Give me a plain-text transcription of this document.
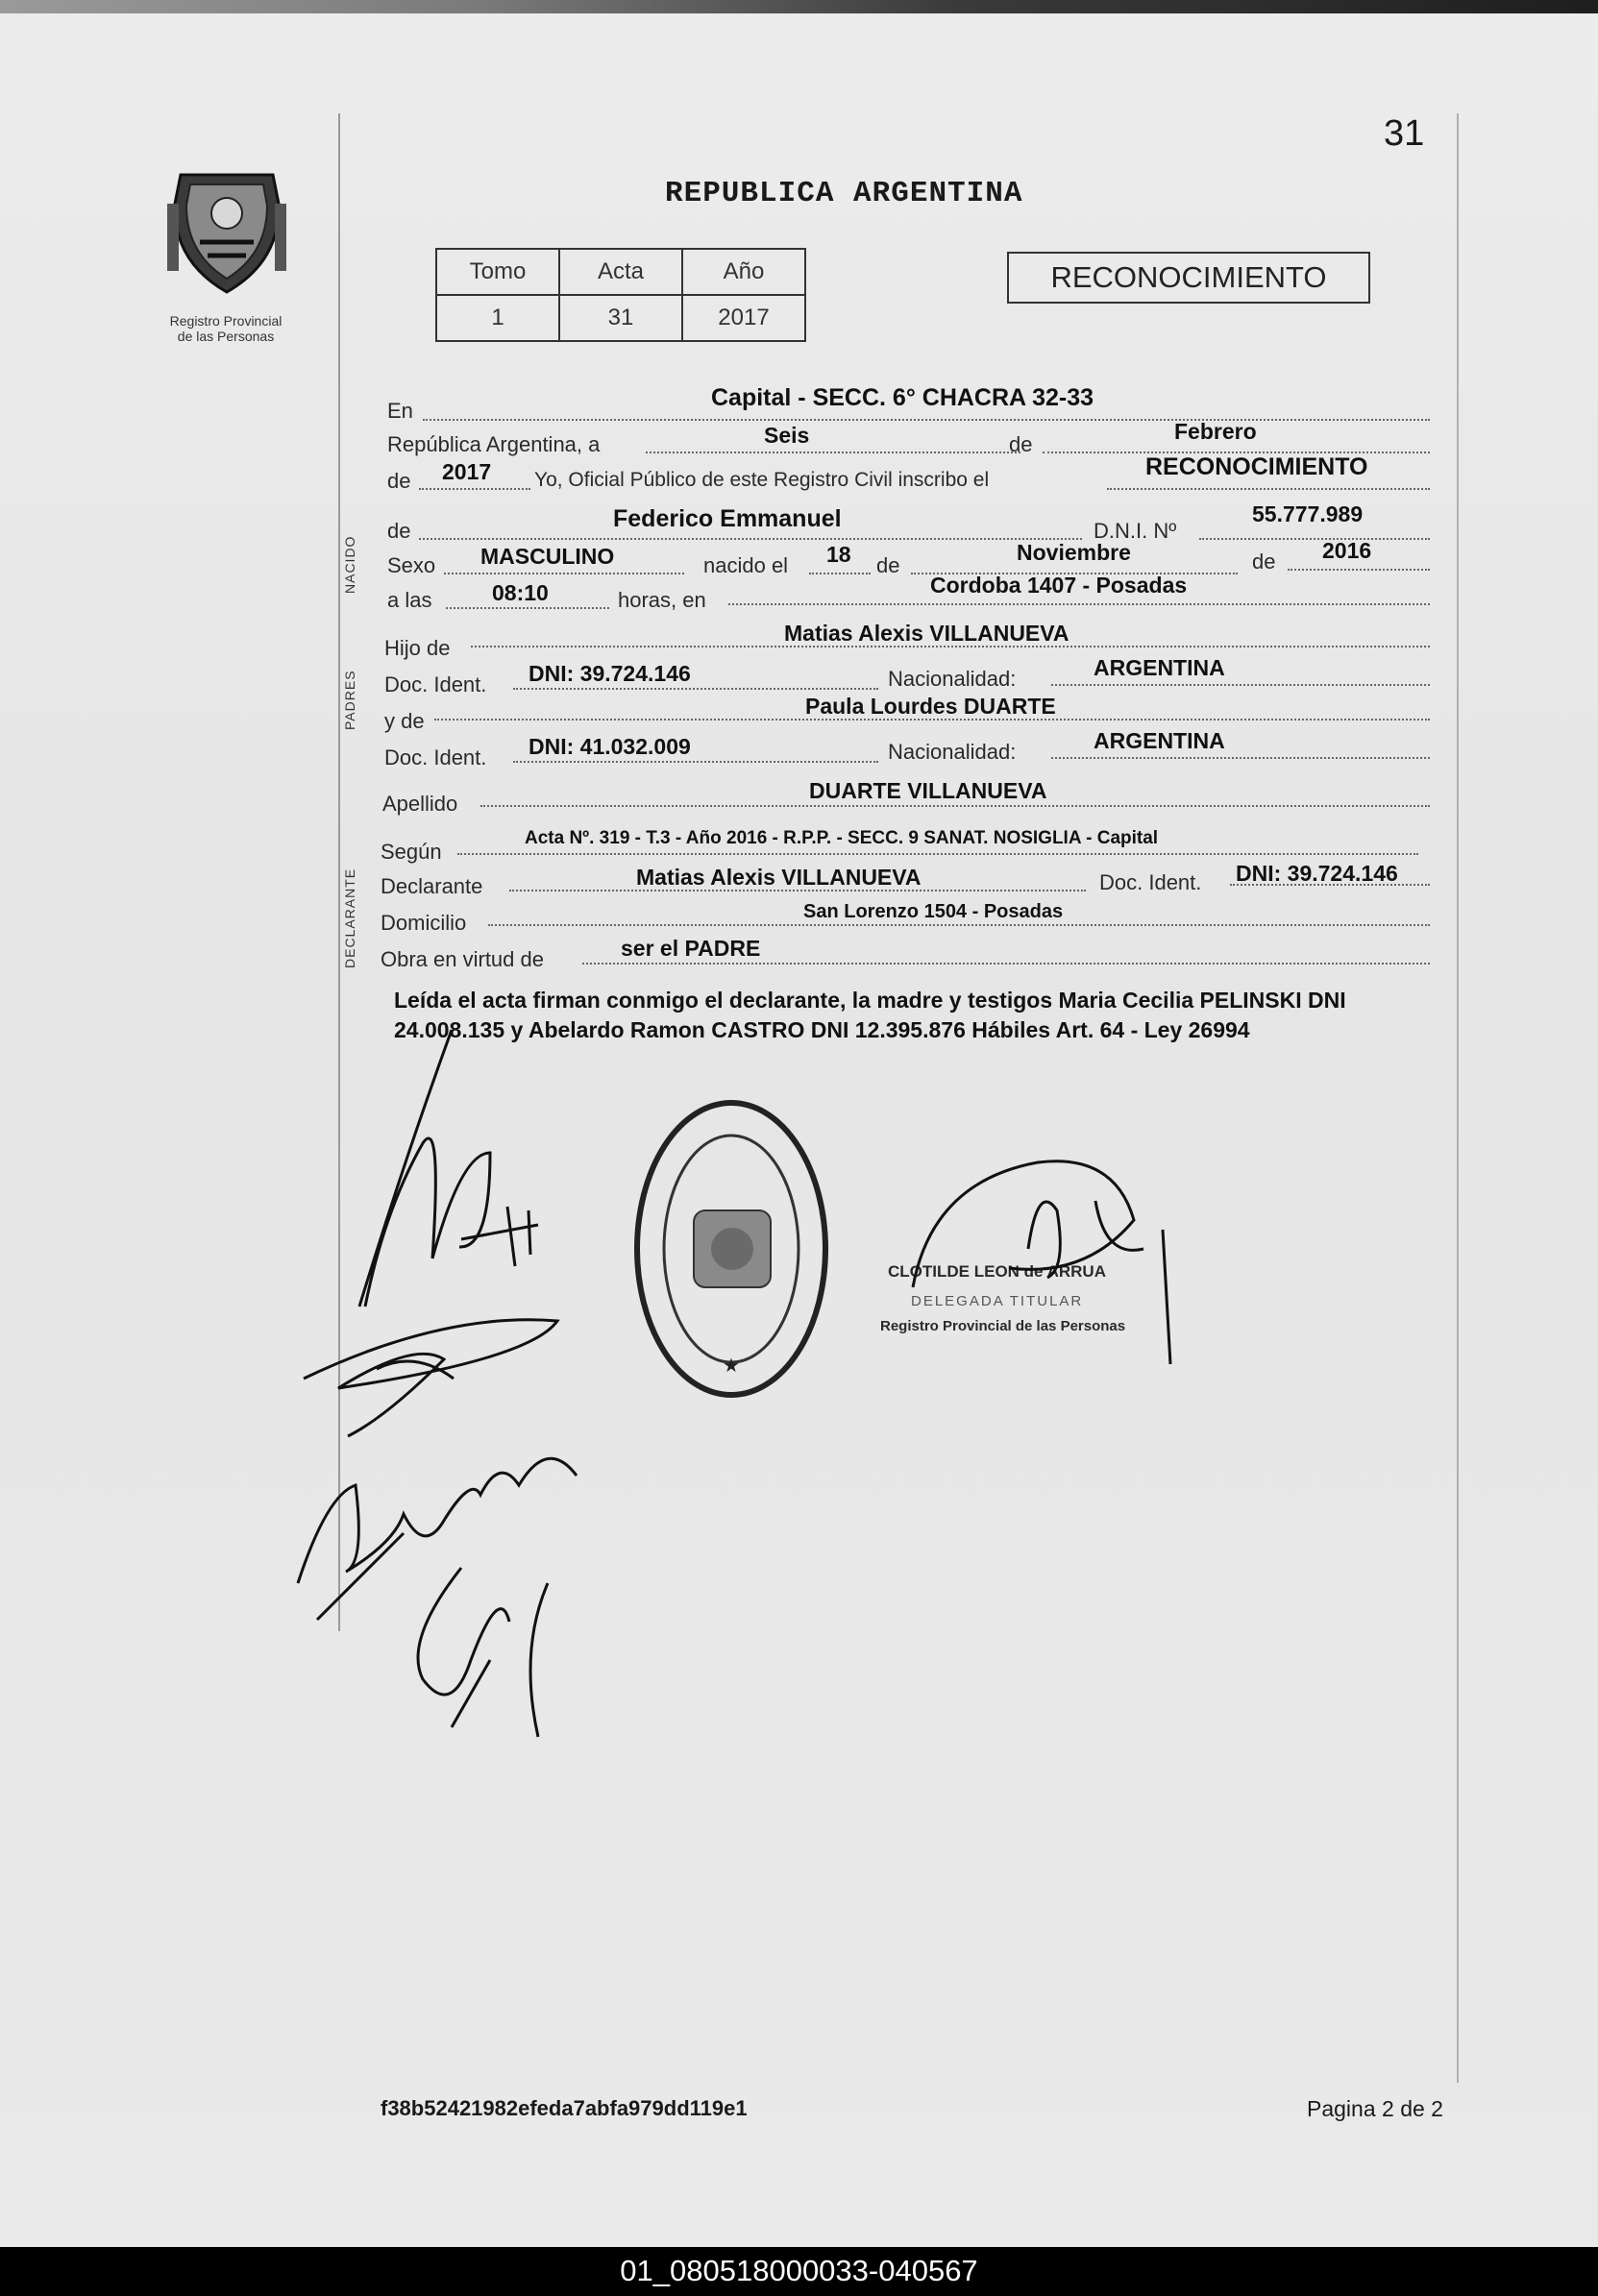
31
Registro Provincial
de las Personas
REPUBLICA ARGENTINA
Tomo	Acta	Año
1	31	2017
RECONOCIMIENTO
NACIDO
PADRES
DECLARANTE
En	Capital - SECC. 6° CHACRA 32-33
República Argentina, a	Seis	de
Febrero
de 2017 Yo, Oficial Público de este Registro Civil inscribo el	RECONOCIMIENTO
de	Federico Emmanuel	D.N.I. Nº
55.777.989
Sexo MASCULINO	nacido el 18 de
Noviembre	de 2016
a las	08:10	horas, en
Cordoba 1407 - Posadas
Hijo de
Matias Alexis VILLANUEVA
Doc. Ident. DNI: 39.724.146	Nacionalidad:	ARGENTINA
y de
Paula Lourdes DUARTE
Doc. Ident. DNI: 41.032.009	Nacionalidad:	ARGENTINA
Apellido
DUARTE VILLANUEVA
Según
Acta Nº. 319 - T.3 - Año 2016 - R.P.P. - SECC. 9 SANAT. NOSIGLIA - Capital
Declarante	Matias Alexis VILLANUEVA	Doc. Ident. DNI: 39.724.146
Domicilio	San Lorenzo 1504 - Posadas
Obra en virtud de	ser el PADRE
Leída el acta firman conmigo el declarante, la madre y testigos Maria Cecilia PELINSKI DNI 24.008.135 y Abelardo Ramon CASTRO DNI 12.395.876 Hábiles Art. 64 - Ley 26994
★
CLOTILDE LEON de ARRUA
DELEGADA TITULAR
Registro Provincial de las Personas
f38b52421982efeda7abfa979dd119e1	Pagina 2 de 2
01_080518000033-040567
